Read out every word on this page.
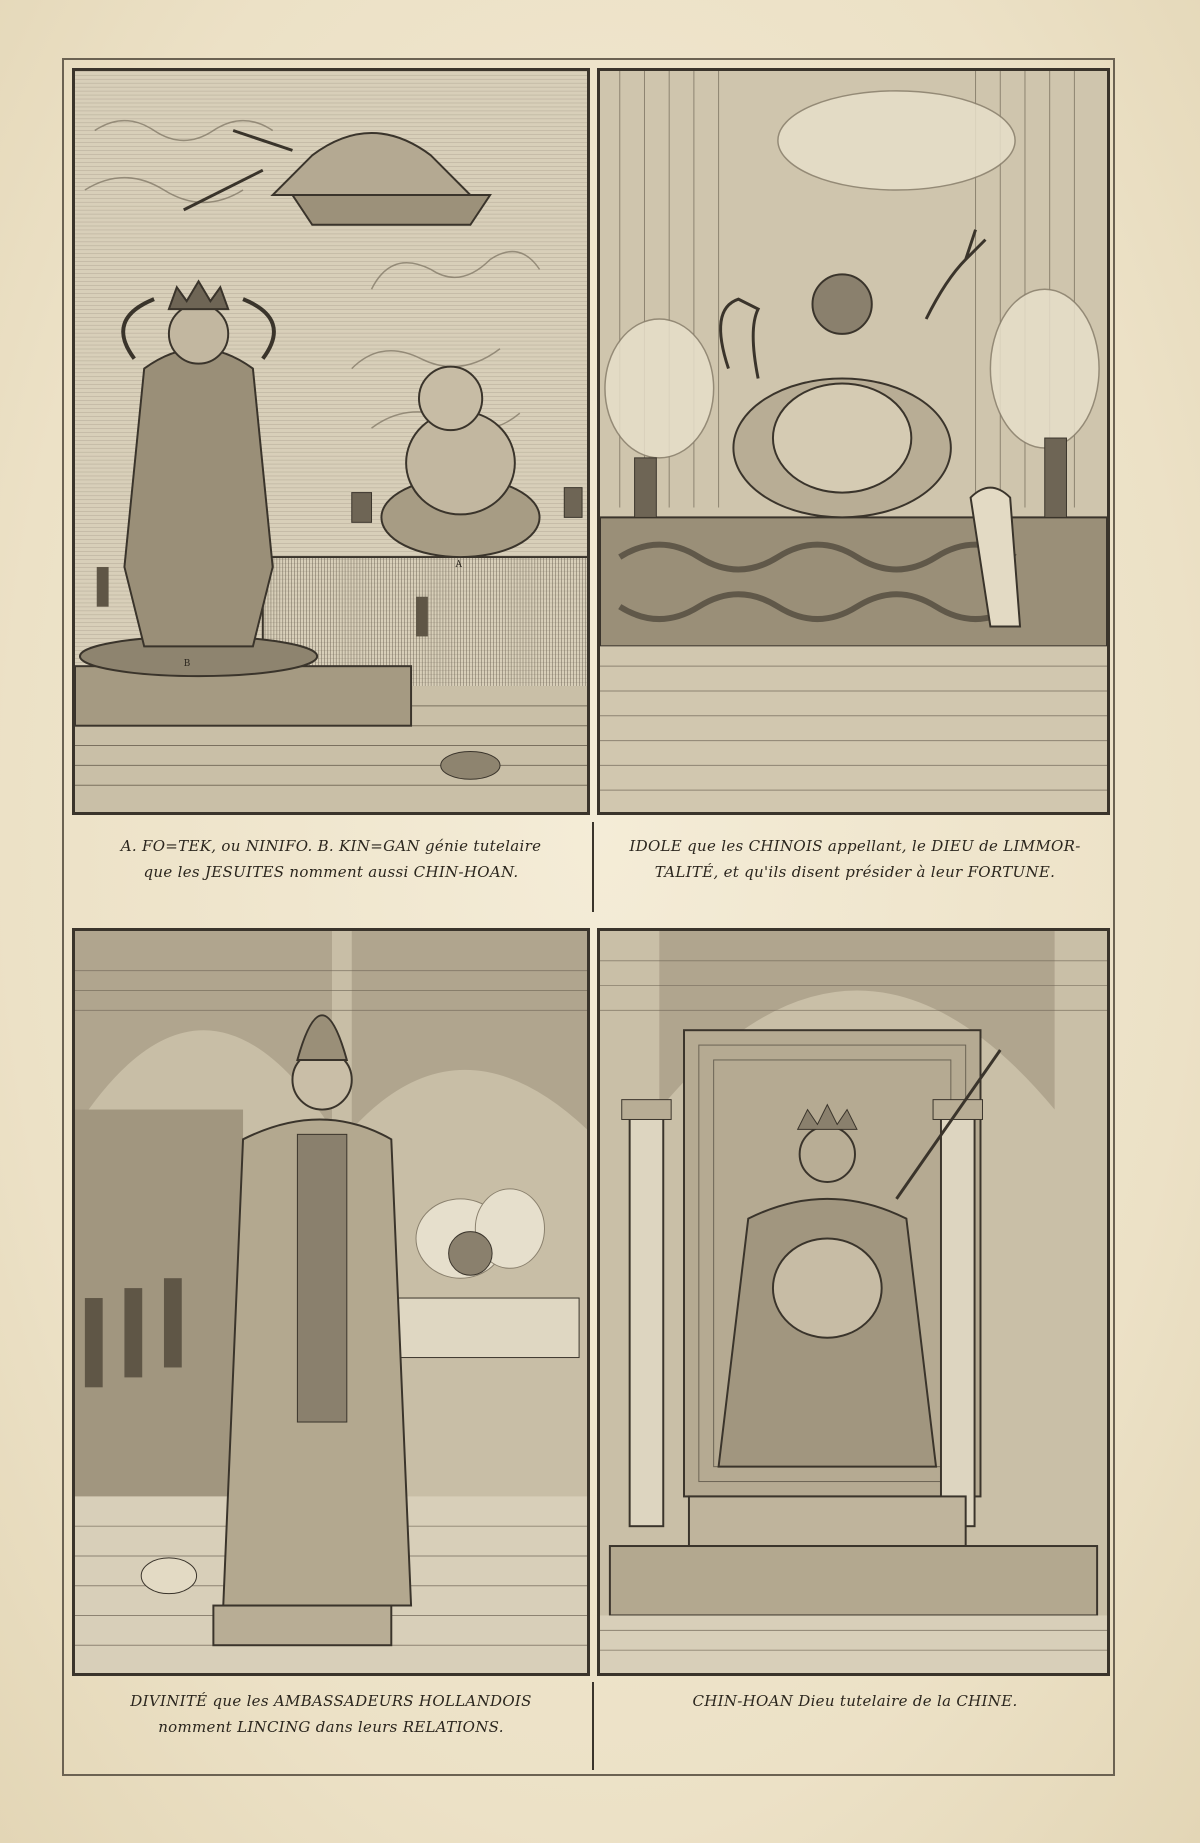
B
A
A. FO=TEK, ou NINIFO. B. KIN=GAN génie tutelaire
que les JESUITES nomment aussi CHIN-HOAN.
IDOLE que les CHINOIS appellant, le DIEU de LIMMOR-
TALITÉ, et qu'ils disent présider à leur FORTUNE.
DIVINITÉ que les AMBASSADEURS HOLLANDOIS
nomment LINCING dans leurs RELATIONS.
CHIN-HOAN Dieu tutelaire de la CHINE.
